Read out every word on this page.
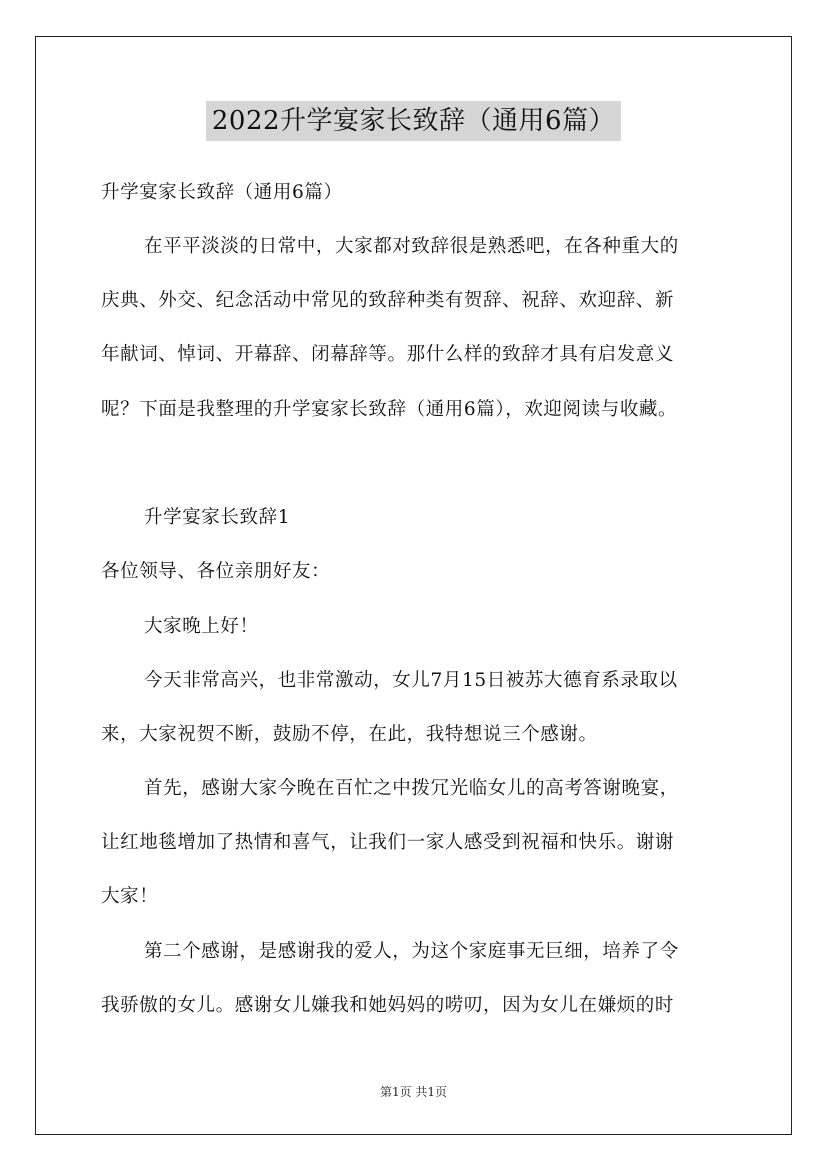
2022升学宴家长致辞（通用6篇）
升学宴家长致辞（通用6篇）
在平平淡淡的日常中，大家都对致辞很是熟悉吧，在各种重大的
庆典、外交、纪念活动中常见的致辞种类有贺辞、祝辞、欢迎辞、新
年献词、悼词、开幕辞、闭幕辞等。那什么样的致辞才具有启发意义
呢？下面是我整理的升学宴家长致辞（通用6篇），欢迎阅读与收藏。
升学宴家长致辞1
各位领导、各位亲朋好友：
大家晚上好！
今天非常高兴，也非常激动，女儿7月15日被苏大德育系录取以
来，大家祝贺不断，鼓励不停，在此，我特想说三个感谢。
首先，感谢大家今晚在百忙之中拨冗光临女儿的高考答谢晚宴，
让红地毯增加了热情和喜气，让我们一家人感受到祝福和快乐。谢谢
大家！
第二个感谢，是感谢我的爱人，为这个家庭事无巨细，培养了令
我骄傲的女儿。感谢女儿嫌我和她妈妈的唠叨，因为女儿在嫌烦的时
第1页 共1页
